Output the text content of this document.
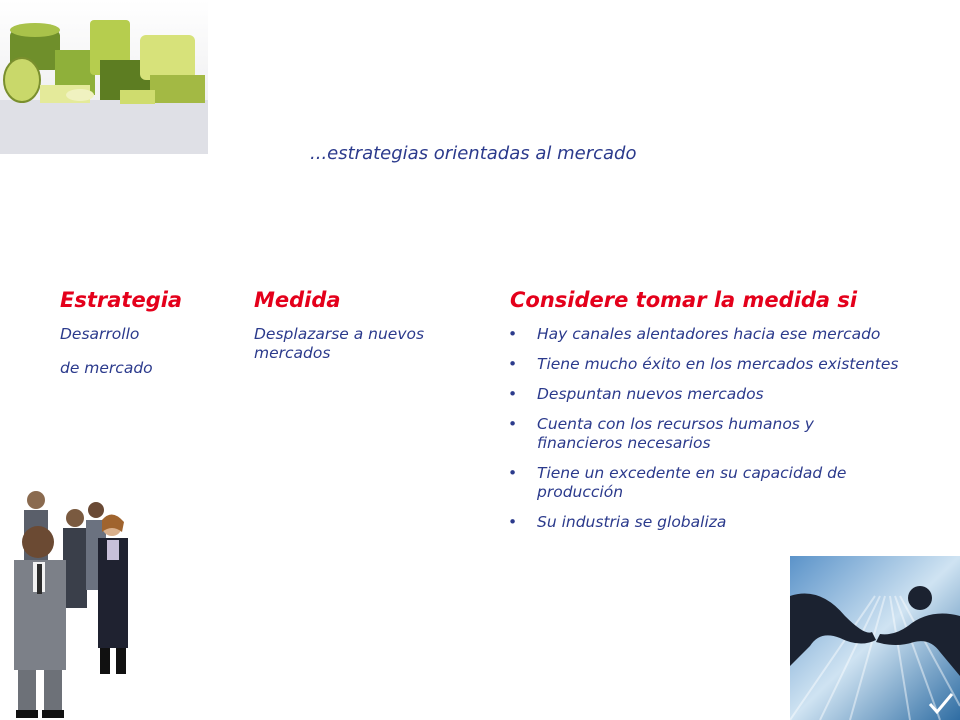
...estrategias orientadas al mercado
Estrategia	Medida	Considere tomar la medida si
Desarrollo
de mercado
Desplazarse a nuevos
mercados
• Hay canales alentadores hacia ese mercado
• Tiene mucho éxito en los mercados existentes
• Despuntan nuevos mercados
• Cuenta con los recursos humanos y financieros necesarios
• Tiene un excedente en su capacidad de producción
• Su industria se globaliza
